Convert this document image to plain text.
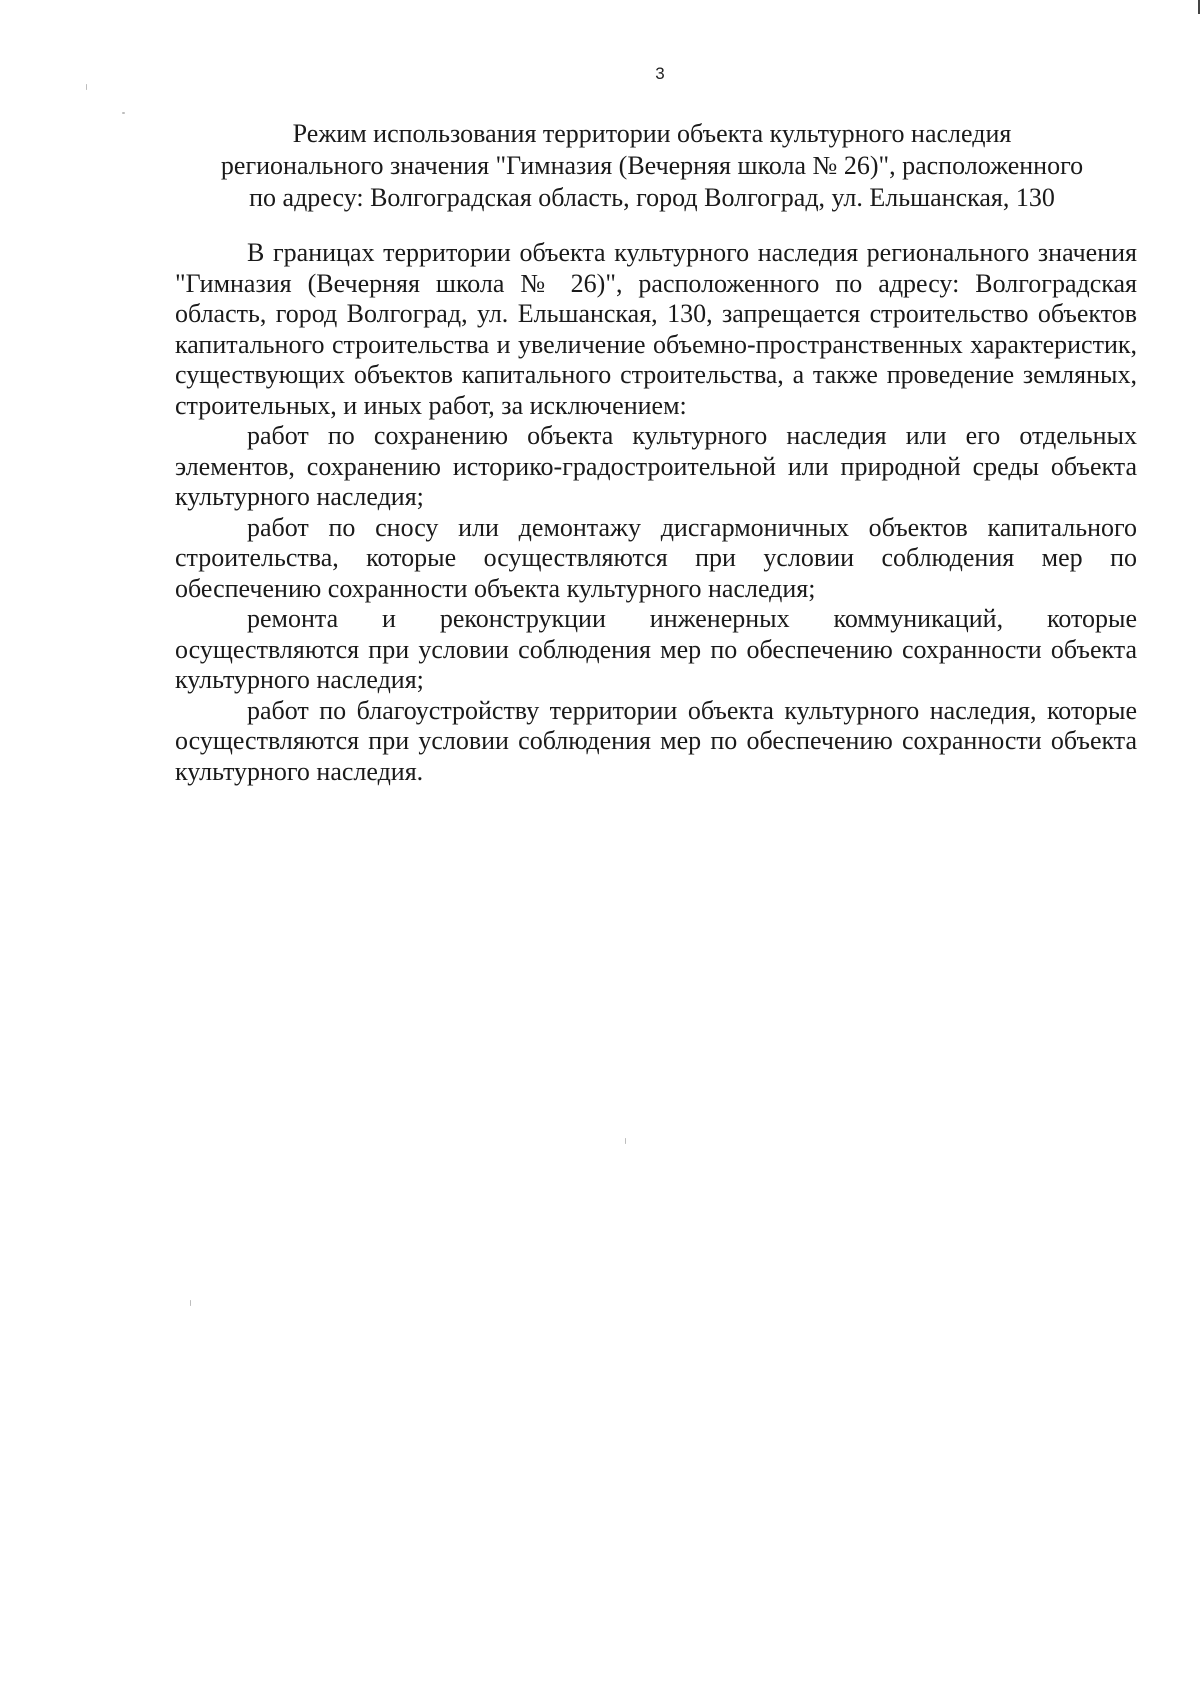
3
Режим использования территории объекта культурного наследия
регионального значения "Гимназия (Вечерняя школа № 26)", расположенного
по адресу: Волгоградская область, город Волгоград, ул. Ельшанская, 130

В границах территории объекта культурного наследия регионального значения "Гимназия (Вечерняя школа № 26)", расположенного по адресу: Волгоградская область, город Волгоград, ул. Ельшанская, 130, запрещается строительство объектов капитального строительства и увеличение объемно-пространственных характеристик, существующих объектов капитального строительства, а также проведение земляных, строительных, и иных работ, за исключением:

работ по сохранению объекта культурного наследия или его отдельных элементов, сохранению историко-градостроительной или природной среды объекта культурного наследия;

работ по сносу или демонтажу дисгармоничных объектов капитального строительства, которые осуществляются при условии соблюдения мер по обеспечению сохранности объекта культурного наследия;

ремонта и реконструкции инженерных коммуникаций, которые осуществляются при условии соблюдения мер по обеспечению сохранности объекта культурного наследия;

работ по благоустройству территории объекта культурного наследия, которые осуществляются при условии соблюдения мер по обеспечению сохранности объекта культурного наследия.
